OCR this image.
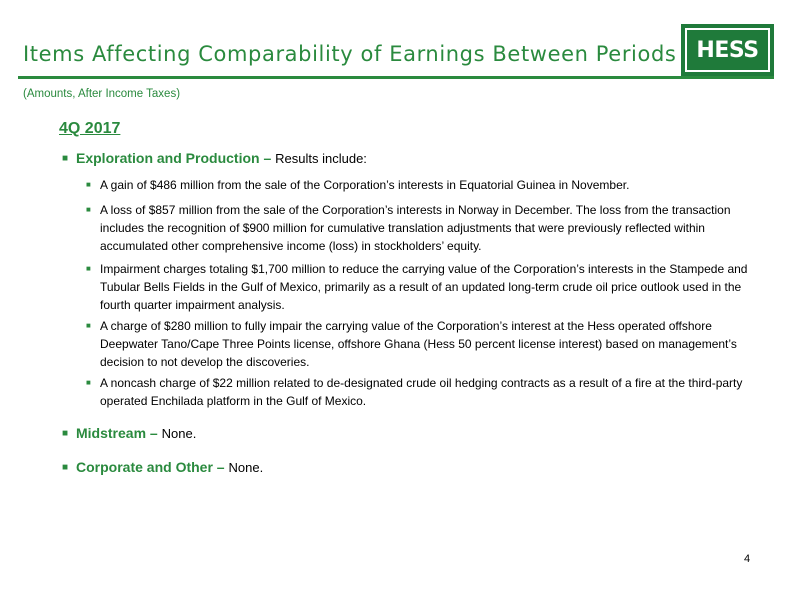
Items Affecting Comparability of Earnings Between Periods HESS
(Amounts, After Income Taxes)
4Q 2017
■ Exploration and Production – Results include:
■ A gain of $486 million from the sale of the Corporation’s interests in Equatorial Guinea in November.
■ A loss of $857 million from the sale of the Corporation’s interests in Norway in December. The loss from the transaction includes the recognition of $900 million for cumulative translation adjustments that were previously reflected within accumulated other comprehensive income (loss) in stockholders’ equity.
■ Impairment charges totaling $1,700 million to reduce the carrying value of the Corporation’s interests in the Stampede and Tubular Bells Fields in the Gulf of Mexico, primarily as a result of an updated long-term crude oil price outlook used in the fourth quarter impairment analysis.
■ A charge of $280 million to fully impair the carrying value of the Corporation’s interest at the Hess operated offshore Deepwater Tano/Cape Three Points license, offshore Ghana (Hess 50 percent license interest) based on management’s decision to not develop the discoveries.
■ A noncash charge of $22 million related to de-designated crude oil hedging contracts as a result of a fire at the third-party operated Enchilada platform in the Gulf of Mexico.
■ Midstream – None.
■ Corporate and Other – None.
4
